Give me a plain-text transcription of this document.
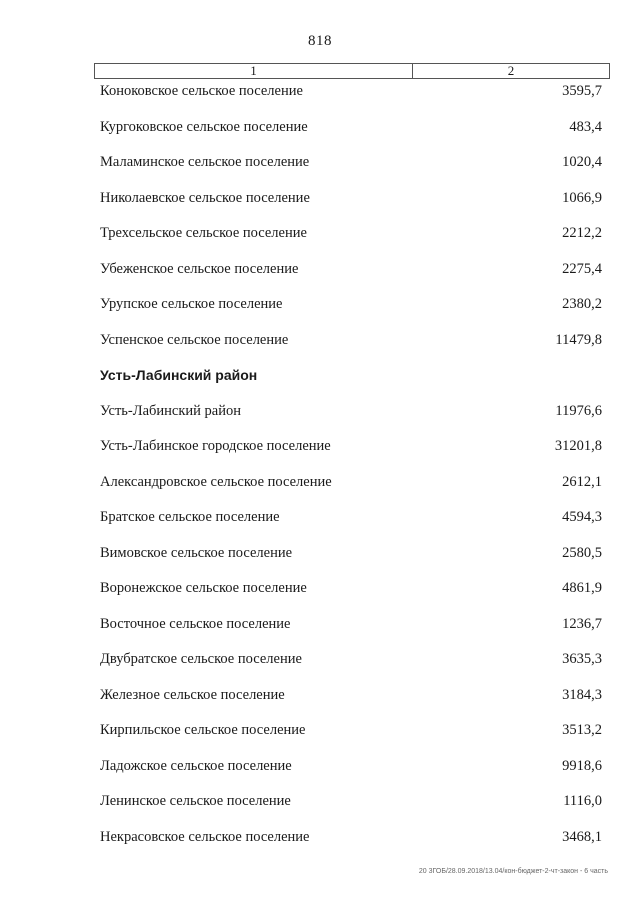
818
1	2
Коноковское сельское поселение	3595,7
Кургоковское сельское поселение	483,4
Маламинское сельское поселение	1020,4
Николаевское сельское поселение	1066,9
Трехсельское сельское поселение	2212,2
Убеженское сельское поселение	2275,4
Урупское сельское поселение	2380,2
Успенское сельское поселение	11479,8
Усть-Лабинский район
Усть-Лабинский район	11976,6
Усть-Лабинское городское поселение	31201,8
Александровское сельское поселение	2612,1
Братское сельское поселение	4594,3
Вимовское сельское поселение	2580,5
Воронежское сельское поселение	4861,9
Восточное сельское поселение	1236,7
Двубратское сельское поселение	3635,3
Железное сельское поселение	3184,3
Кирпильское сельское поселение	3513,2
Ладожское сельское поселение	9918,6
Ленинское сельское поселение	1116,0
Некрасовское сельское поселение	3468,1
20 3ГОБ/28.09.2018/13.04/кон-бюджет-2-чт-закон - 6 часть
